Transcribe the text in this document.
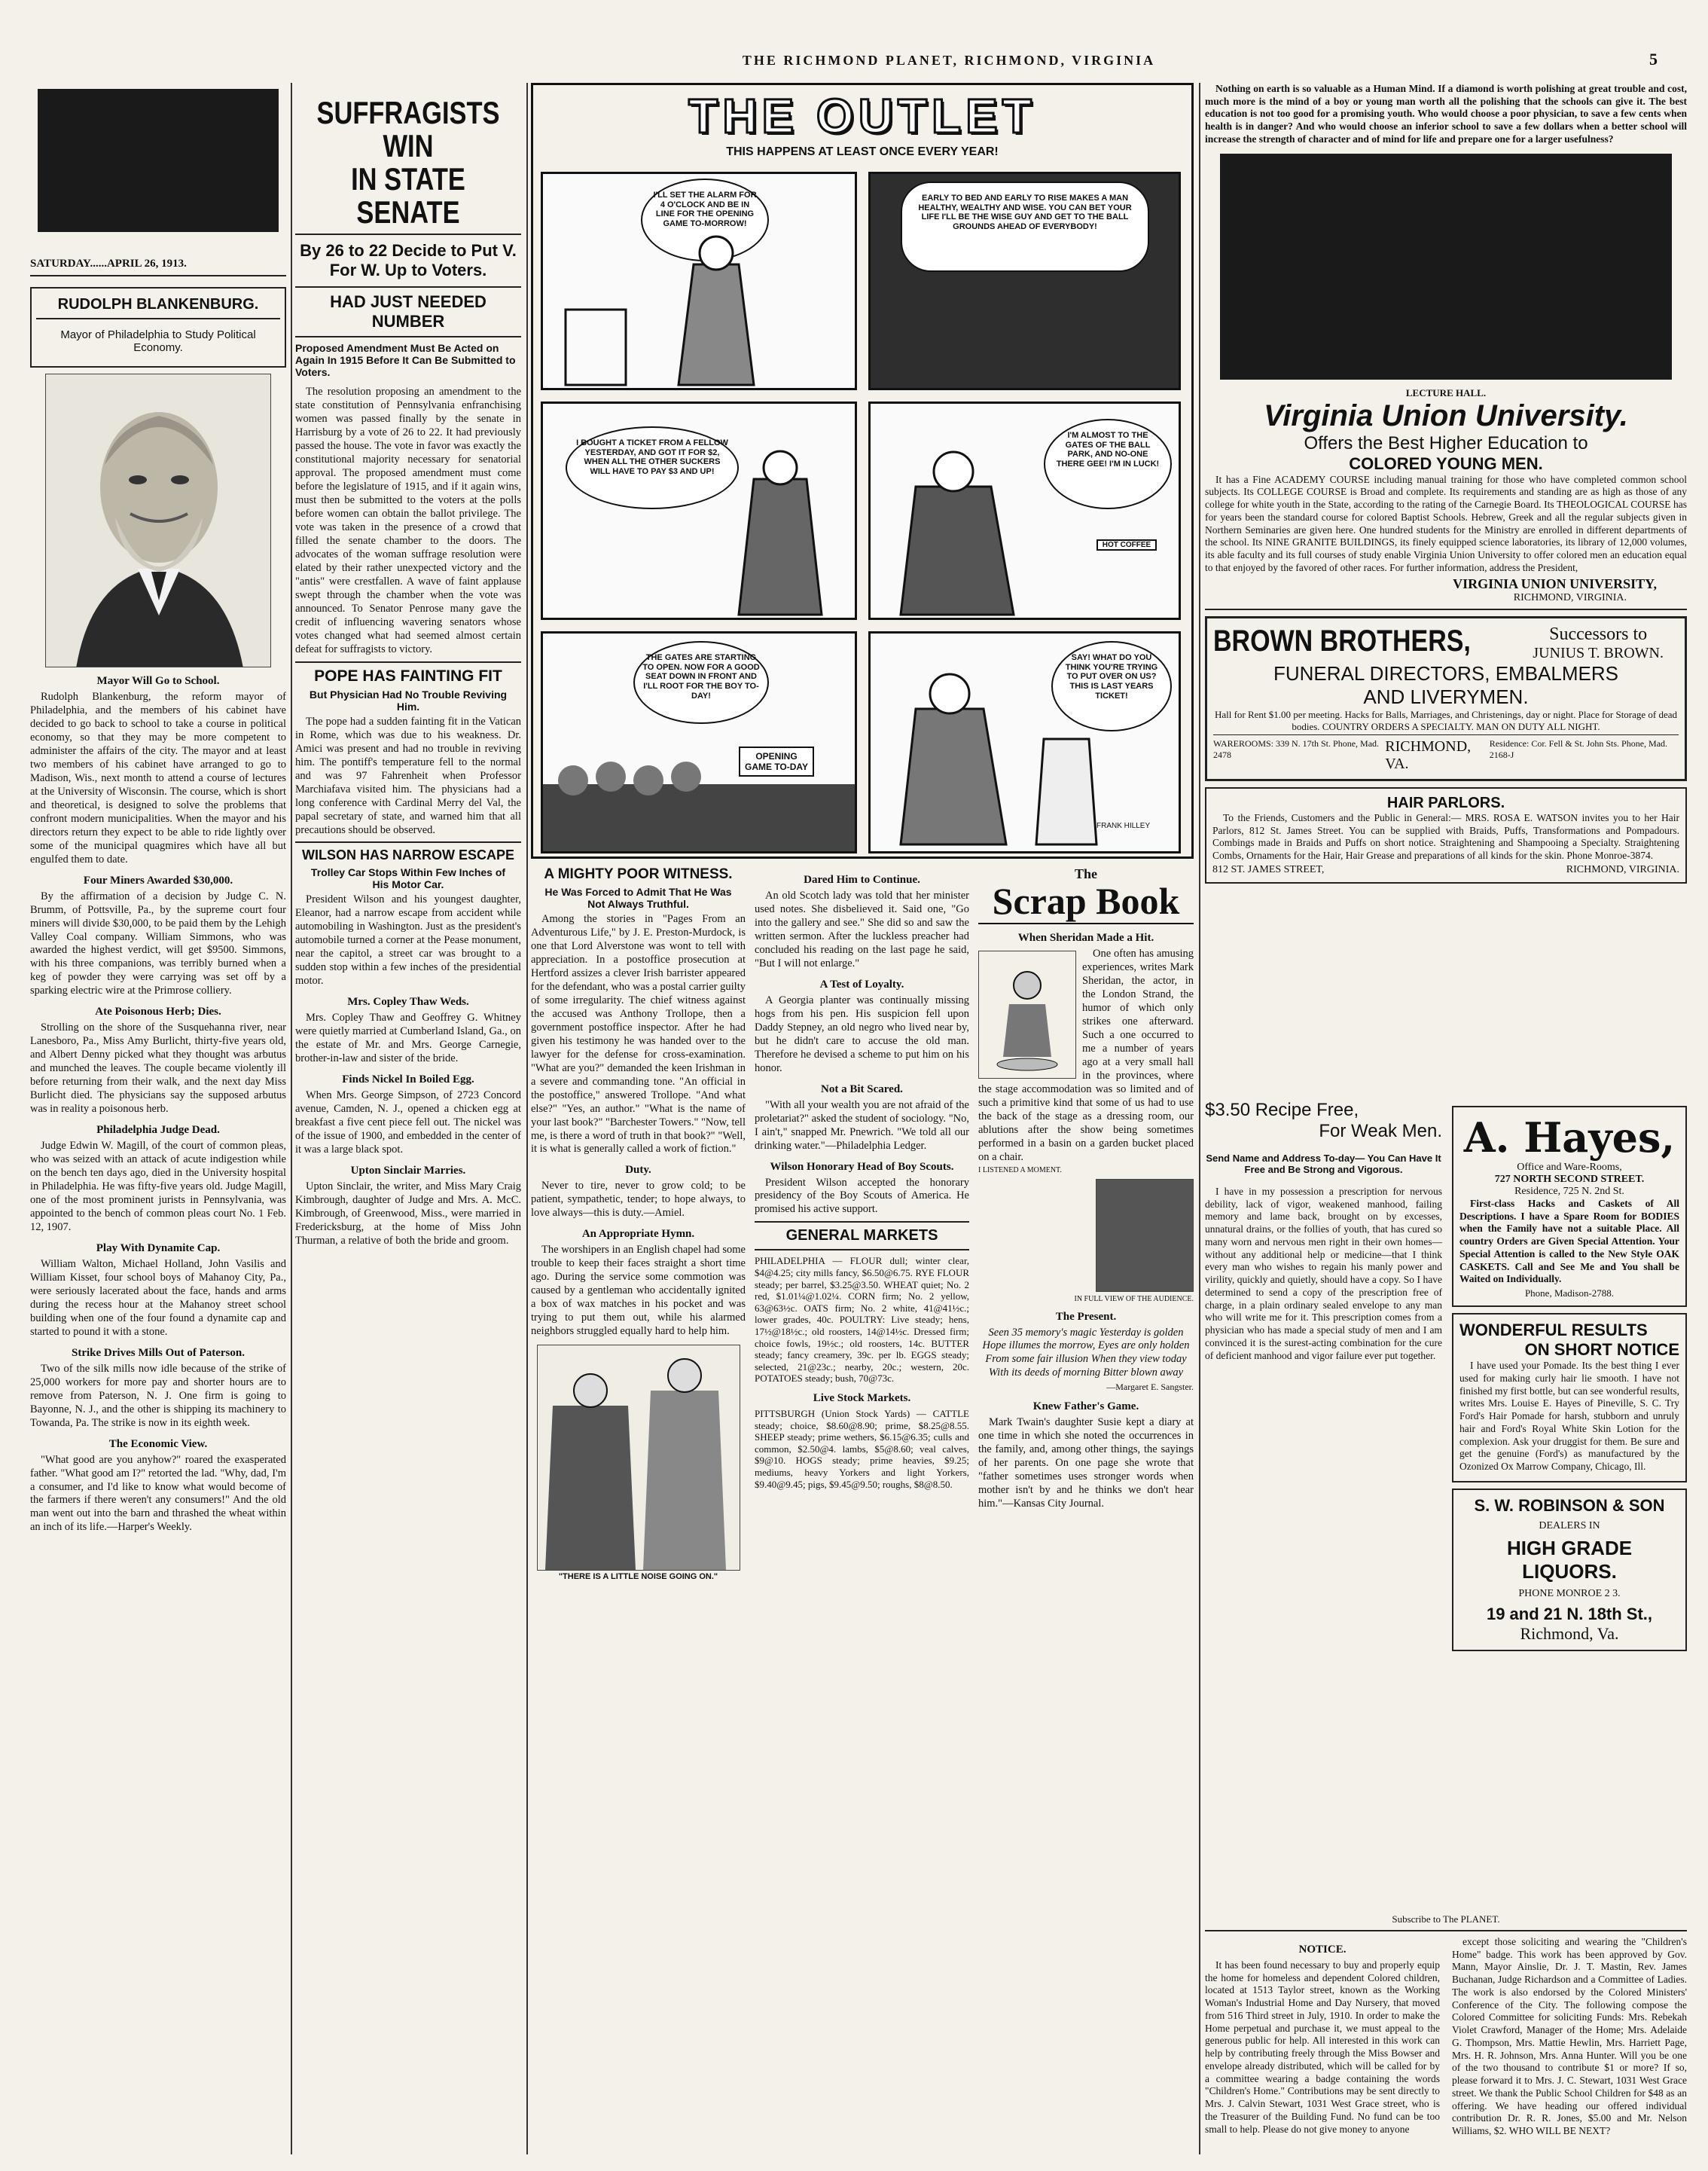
THE RICHMOND PLANET, RICHMOND, VIRGINIA	5
SATURDAY......APRIL 26, 1913.
RUDOLPH BLANKENBURG.
Mayor of Philadelphia to Study Political Economy.
Mayor Will Go to School.

Rudolph Blankenburg, the reform mayor of Philadelphia, and the members of his cabinet have decided to go back to school to take a course in political economy, so that they may be more competent to administer the affairs of the city. The mayor and at least two members of his cabinet have arranged to go to Madison, Wis., next month to attend a course of lectures at the University of Wisconsin. The course, which is short and theoretical, is designed to solve the problems that confront modern municipalities. When the mayor and his directors return they expect to be able to ride lightly over some of the municipal quagmires which have all but engulfed them to date.

Four Miners Awarded $30,000.

By the affirmation of a decision by Judge C. N. Brumm, of Pottsville, Pa., by the supreme court four miners will divide $30,000, to be paid them by the Lehigh Valley Coal company. William Simmons, who was awarded the highest verdict, will get $9500. Simmons, with his three companions, was terribly burned when a keg of powder they were carrying was set off by a sparking electric wire at the Primrose colliery.

Ate Poisonous Herb; Dies.

Strolling on the shore of the Susquehanna river, near Lanesboro, Pa., Miss Amy Burlicht, thirty-five years old, and Albert Denny picked what they thought was arbutus and munched the leaves. The couple became violently ill before returning from their walk, and the next day Miss Burlicht died. The physicians say the supposed arbutus was in reality a poisonous herb.

Philadelphia Judge Dead.

Judge Edwin W. Magill, of the court of common pleas, who was seized with an attack of acute indigestion while on the bench ten days ago, died in the University hospital in Philadelphia. He was fifty-five years old. Judge Magill, one of the most prominent jurists in Pennsylvania, was appointed to the bench of common pleas court No. 1 Feb. 12, 1907.

Play With Dynamite Cap.

William Walton, Michael Holland, John Vasilis and William Kisset, four school boys of Mahanoy City, Pa., were seriously lacerated about the face, hands and arms during the recess hour at the Mahanoy street school building when one of the four found a dynamite cap and started to pound it with a stone.

Strike Drives Mills Out of Paterson.

Two of the silk mills now idle because of the strike of 25,000 workers for more pay and shorter hours are to remove from Paterson, N. J. One firm is going to Bayonne, N. J., and the other is shipping its machinery to Towanda, Pa. The strike is now in its eighth week.

The Economic View.

"What good are you anyhow?" roared the exasperated father. "What good am I?" retorted the lad. "Why, dad, I'm a consumer, and I'd like to know what would become of the farmers if there weren't any consumers!" And the old man went out into the barn and thrashed the wheat within an inch of its life.—Harper's Weekly.

SUFFRAGISTS WIN
IN STATE SENATE
By 26 to 22 Decide to Put V. For W. Up to Voters.
HAD JUST NEEDED NUMBER
Proposed Amendment Must Be Acted on Again In 1915 Before It Can Be Submitted to Voters.

The resolution proposing an amendment to the state constitution of Pennsylvania enfranchising women was passed finally by the senate in Harrisburg by a vote of 26 to 22. It had previously passed the house. The vote in favor was exactly the constitutional majority necessary for senatorial approval. The proposed amendment must come before the legislature of 1915, and if it again wins, must then be submitted to the voters at the polls before women can obtain the ballot privilege. The vote was taken in the presence of a crowd that filled the senate chamber to the doors. The advocates of the woman suffrage resolution were elated by their rather unexpected victory and the "antis" were crestfallen. A wave of faint applause swept through the chamber when the vote was announced. To Senator Penrose many gave the credit of influencing wavering senators whose votes changed what had seemed almost certain defeat for suffragists to victory.

POPE HAS FAINTING FIT
But Physician Had No Trouble Reviving Him.

The pope had a sudden fainting fit in the Vatican in Rome, which was due to his weakness. Dr. Amici was present and had no trouble in reviving him. The pontiff's temperature fell to the normal and was 97 Fahrenheit when Professor Marchiafava visited him. The physicians had a long conference with Cardinal Merry del Val, the papal secretary of state, and warned him that all precautions should be observed.

WILSON HAS NARROW ESCAPE
Trolley Car Stops Within Few Inches of His Motor Car.

President Wilson and his youngest daughter, Eleanor, had a narrow escape from accident while automobiling in Washington. Just as the president's automobile turned a corner at the Pease monument, near the capitol, a street car was brought to a sudden stop within a few inches of the presidential motor.

Mrs. Copley Thaw Weds.

Mrs. Copley Thaw and Geoffrey G. Whitney were quietly married at Cumberland Island, Ga., on the estate of Mr. and Mrs. George Carnegie, brother-in-law and sister of the bride.

Finds Nickel In Boiled Egg.

When Mrs. George Simpson, of 2723 Concord avenue, Camden, N. J., opened a chicken egg at breakfast a five cent piece fell out. The nickel was of the issue of 1900, and embedded in the center of it was a large black spot.

Upton Sinclair Marries.

Upton Sinclair, the writer, and Miss Mary Craig Kimbrough, daughter of Judge and Mrs. A. McC. Kimbrough, of Greenwood, Miss., were married in Fredericksburg, at the home of Miss John Thurman, a relative of both the bride and groom.

THE OUTLET
THIS HAPPENS AT LEAST ONCE EVERY YEAR!
I'LL SET THE ALARM FOR 4 O'CLOCK AND BE IN LINE FOR THE OPENING GAME TO-MORROW!
EARLY TO BED AND EARLY TO RISE MAKES A MAN HEALTHY, WEALTHY AND WISE. YOU CAN BET YOUR LIFE I'LL BE THE WISE GUY AND GET TO THE BALL GROUNDS AHEAD OF EVERYBODY!
I BOUGHT A TICKET FROM A FELLOW YESTERDAY, AND GOT IT FOR $2, WHEN ALL THE OTHER SUCKERS WILL HAVE TO PAY $3 AND UP!
I'M ALMOST TO THE GATES OF THE BALL PARK, AND NO-ONE THERE GEE! I'M IN LUCK!
HOT COFFEE
THE GATES ARE STARTING TO OPEN. NOW FOR A GOOD SEAT DOWN IN FRONT AND I'LL ROOT FOR THE BOY TO-DAY!
OPENING GAME TO-DAY
SAY! WHAT DO YOU THINK YOU'RE TRYING TO PUT OVER ON US? THIS IS LAST YEARS TICKET!
FRANK HILLEY
A MIGHTY POOR WITNESS.
He Was Forced to Admit That He Was Not Always Truthful.

Among the stories in "Pages From an Adventurous Life," by J. E. Preston-Murdock, is one that Lord Alverstone was wont to tell with appreciation. In a postoffice prosecution at Hertford assizes a clever Irish barrister appeared for the defendant, who was a postal carrier guilty of some irregularity. The chief witness against the accused was Anthony Trollope, then a government postoffice inspector. After he had given his testimony he was handed over to the lawyer for the defense for cross-examination. "What are you?" demanded the keen Irishman in a severe and commanding tone. "An official in the postoffice," answered Trollope. "And what else?" "Yes, an author." "What is the name of your last book?" "Barchester Towers." "Now, tell me, is there a word of truth in that book?" "Well, it is what is generally called a work of fiction."

Duty.

Never to tire, never to grow cold; to be patient, sympathetic, tender; to hope always, to love always—this is duty.—Amiel.

An Appropriate Hymn.

The worshipers in an English chapel had some trouble to keep their faces straight a short time ago. During the service some commotion was caused by a gentleman who accidentally ignited a box of wax matches in his pocket and was trying to put them out, while his alarmed neighbors struggled equally hard to help him.

"THERE IS A LITTLE NOISE GOING ON."
Dared Him to Continue.

An old Scotch lady was told that her minister used notes. She disbelieved it. Said one, "Go into the gallery and see." She did so and saw the written sermon. After the luckless preacher had concluded his reading on the last page he said, "But I will not enlarge."

A Test of Loyalty.

A Georgia planter was continually missing hogs from his pen. His suspicion fell upon Daddy Stepney, an old negro who lived near by, but he didn't care to accuse the old man. Therefore he devised a scheme to put him on his honor.

Not a Bit Scared.

"With all your wealth you are not afraid of the proletariat?" asked the student of sociology. "No, I ain't," snapped Mr. Pnewrich. "We told all our drinking water."—Philadelphia Ledger.

Wilson Honorary Head of Boy Scouts.

President Wilson accepted the honorary presidency of the Boy Scouts of America. He promised his active support.

GENERAL MARKETS
PHILADELPHIA — FLOUR dull; winter clear, $4@4.25; city mills fancy, $6.50@6.75. RYE FLOUR steady; per barrel, $3.25@3.50. WHEAT quiet; No. 2 red, $1.01¼@1.02¼. CORN firm; No. 2 yellow, 63@63½c. OATS firm; No. 2 white, 41@41½c.; lower grades, 40c. POULTRY: Live steady; hens, 17½@18½c.; old roosters, 14@14½c. Dressed firm; choice fowls, 19½c.; old roosters, 14c. BUTTER steady; fancy creamery, 39c. per lb. EGGS steady; selected, 21@23c.; nearby, 20c.; western, 20c. POTATOES steady; bush, 70@73c.
Live Stock Markets.
PITTSBURGH (Union Stock Yards) — CATTLE steady; choice, $8.60@8.90; prime, $8.25@8.55. SHEEP steady; prime wethers, $6.15@6.35; culls and common, $2.50@4. lambs, $5@8.60; veal calves, $9@10. HOGS steady; prime heavies, $9.25; mediums, heavy Yorkers and light Yorkers, $9.40@9.45; pigs, $9.45@9.50; roughs, $8@8.50.
The
Scrap Book
When Sheridan Made a Hit.

One often has amusing experiences, writes Mark Sheridan, the actor, in the London Strand, the humor of which only strikes one afterward. Such a one occurred to me a number of years ago at a very small hall in the provinces, where the stage accommodation was so limited and of such a primitive kind that some of us had to use the back of the stage as a dressing room, our ablutions after the show being sometimes performed in a basin on a garden bucket placed on a chair.

I LISTENED A MOMENT.
IN FULL VIEW OF THE AUDIENCE.
The Present.

Seen 35 memory's magic Yesterday is golden Hope illumes the morrow, Eyes are only holden From some fair illusion When they view today With its deeds of morning Bitter blown away

—Margaret E. Sangster.
Knew Father's Game.

Mark Twain's daughter Susie kept a diary at one time in which she noted the occurrences in the family, and, among other things, the sayings of her parents. On one page she wrote that "father sometimes uses stronger words when mother isn't by and he thinks we don't hear him."—Kansas City Journal.

Nothing on earth is so valuable as a Human Mind. If a diamond is worth polishing at great trouble and cost, much more is the mind of a boy or young man worth all the polishing that the schools can give it. The best education is not too good for a promising youth. Who would choose a poor physician, to save a few cents when health is in danger? And who would choose an inferior school to save a few dollars when a better school will increase the strength of character and of mind for life and prepare one for a larger usefulness?

LECTURE HALL.
Virginia Union University.
Offers the Best Higher Education to
COLORED YOUNG MEN.

It has a Fine ACADEMY COURSE including manual training for those who have completed common school subjects. Its COLLEGE COURSE is Broad and complete. Its requirements and standing are as high as those of any college for white youth in the State, according to the rating of the Carnegie Board. Its THEOLOGICAL COURSE has for years been the standard course for colored Baptist Schools. Hebrew, Greek and all the regular subjects given in Northern Seminaries are given here. One hundred students for the Ministry are enrolled in different departments of the school. Its NINE GRANITE BUILDINGS, its finely equipped science laboratories, its library of 12,000 volumes, its able faculty and its full courses of study enable Virginia Union University to offer colored men an education equal to that enjoyed by the favored of other races. For further information, address the President,

VIRGINIA UNION UNIVERSITY,
RICHMOND, VIRGINIA.
BROWN BROTHERS,	Successors to
JUNIUS T. BROWN.
FUNERAL DIRECTORS, EMBALMERS
AND LIVERYMEN.

Hall for Rent $1.00 per meeting. Hacks for Balls, Marriages, and Christenings, day or night. Place for Storage of dead bodies. COUNTRY ORDERS A SPECIALTY. MAN ON DUTY ALL NIGHT.

WAREROOMS: 339 N. 17th St. Phone, Mad. 2478	RICHMOND, VA.
Residence: Cor. Fell & St. John Sts. Phone, Mad. 2168-J
HAIR PARLORS.

To the Friends, Customers and the Public in General:— MRS. ROSA E. WATSON invites you to her Hair Parlors, 812 St. James Street. You can be supplied with Braids, Puffs, Transformations and Pompadours. Combings made in Braids and Puffs on short notice. Straightening and Shampooing a Specialty. Straightening Combs, Ornaments for the Hair, Hair Grease and preparations of all kinds for the skin. Phone Monroe-3874.

812 ST. JAMES STREET,	RICHMOND, VIRGINIA.
$3.50 Recipe Free,
For Weak Men.
Send Name and Address To-day— You Can Have It Free and Be Strong and Vigorous.

I have in my possession a prescription for nervous debility, lack of vigor, weakened manhood, failing memory and lame back, brought on by excesses, unnatural drains, or the follies of youth, that has cured so many worn and nervous men right in their own homes—without any additional help or medicine—that I think every man who wishes to regain his manly power and virility, quickly and quietly, should have a copy. So I have determined to send a copy of the prescription free of charge, in a plain ordinary sealed envelope to any man who will write me for it. This prescription comes from a physician who has made a special study of men and I am convinced it is the surest-acting combination for the cure of deficient manhood and vigor failure ever put together.

A. Hayes,
Office and Ware-Rooms,
727 NORTH SECOND STREET.
Residence, 725 N. 2nd St.

First-class Hacks and Caskets of All Descriptions. I have a Spare Room for BODIES when the Family have not a suitable Place. All country Orders are Given Special Attention. Your Special Attention is called to the New Style OAK CASKETS. Call and See Me and You shall be Waited on Individually.

Phone, Madison-2788.
WONDERFUL RESULTS
ON SHORT NOTICE

I have used your Pomade. Its the best thing I ever used for making curly hair lie smooth. I have not finished my first bottle, but can see wonderful results, writes Mrs. Louise E. Hayes of Pineville, S. C. Try Ford's Hair Pomade for harsh, stubborn and unruly hair and Ford's Royal White Skin Lotion for the complexion. Ask your druggist for them. Be sure and get the genuine (Ford's) as manufactured by the Ozonized Ox Marrow Company, Chicago, Ill.

S. W. ROBINSON & SON
DEALERS IN
HIGH GRADE
LIQUORS.
PHONE MONROE 2 3.
19 and 21 N. 18th St.,
Richmond, Va.
Subscribe to The PLANET.
NOTICE.

It has been found necessary to buy and properly equip the home for homeless and dependent Colored children, located at 1513 Taylor street, known as the Working Woman's Industrial Home and Day Nursery, that moved from 516 Third street in July, 1910. In order to make the Home perpetual and purchase it, we must appeal to the generous public for help. All interested in this work can help by contributing freely through the Miss Bowser and envelope already distributed, which will be called for by a committee wearing a badge containing the words "Children's Home." Contributions may be sent directly to Mrs. J. Calvin Stewart, 1031 West Grace street, who is the Treasurer of the Building Fund. No fund can be too small to help. Please do not give money to anyone

except those soliciting and wearing the "Children's Home" badge. This work has been approved by Gov. Mann, Mayor Ainslie, Dr. J. T. Mastin, Rev. James Buchanan, Judge Richardson and a Committee of Ladies. The work is also endorsed by the Colored Ministers' Conference of the City. The following compose the Colored Committee for soliciting Funds: Mrs. Rebekah Violet Crawford, Manager of the Home; Mrs. Adelaide G. Thompson, Mrs. Mattie Hewlin, Mrs. Harriett Page, Mrs. H. R. Johnson, Mrs. Anna Hunter. Will you be one of the two thousand to contribute $1 or more? If so, please forward it to Mrs. J. C. Stewart, 1031 West Grace street. We thank the Public School Children for $48 as an offering. We have heading our offered individual contribution Dr. R. R. Jones, $5.00 and Mr. Nelson Williams, $2. WHO WILL BE NEXT?
